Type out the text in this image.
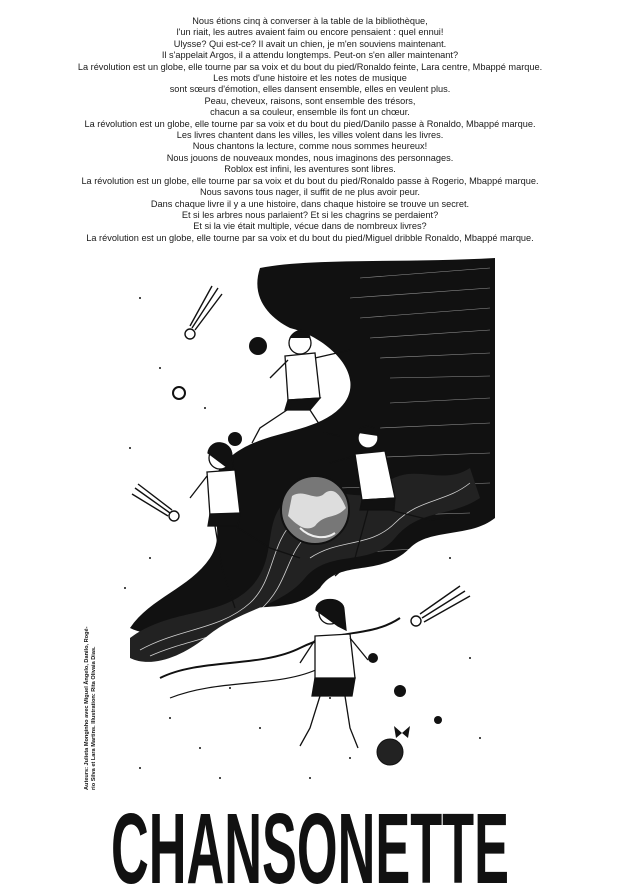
Nous étions cinq à converser à la table de la bibliothèque,
l'un riait, les autres avaient faim ou encore pensaient : quel ennui!
Ulysse? Qui est-ce? Il avait un chien, je m'en souviens maintenant.
Il s'appelait Argos, il a attendu longtemps. Peut-on s'en aller maintenant?
La révolution est un globe, elle tourne par sa voix et du bout du pied/Ronaldo feinte, Lara centre, Mbappé marque.
Les mots d'une histoire et les notes de musique
sont sœurs d'émotion, elles dansent ensemble, elles en veulent plus.
Peau, cheveux, raisons, sont ensemble des trésors,
chacun a sa couleur, ensemble ils font un chœur.
La révolution est un globe, elle tourne par sa voix et du bout du pied/Danilo passe à Ronaldo, Mbappé marque.
Les livres chantent dans les villes, les villes volent dans les livres.
Nous chantons la lecture, comme nous sommes heureux!
Nous jouons de nouveaux mondes, nous imaginons des personnages.
Roblox est infini, les aventures sont libres.
La révolution est un globe, elle tourne par sa voix et du bout du pied/Ronaldo passe à Rogerio, Mbappé marque.
Nous savons tous nager, il suffit de ne plus avoir peur.
Dans chaque livre il y a une histoire, dans chaque histoire se trouve un secret.
Et si les arbres nous parlaient? Et si les chagrins se perdaient?
Et si la vie était multiple, vécue dans de nombreux livres?
La révolution est un globe, elle tourne par sa voix et du bout du pied/Miguel dribble Ronaldo, Mbappé marque.
Auteurs: Julieta Monginho avec Miguel Ângelo, Danilo, Rogé- rio Silva et Lara Martins. Illustration: Rita Olivaia Dias.
CHANSONETTE
